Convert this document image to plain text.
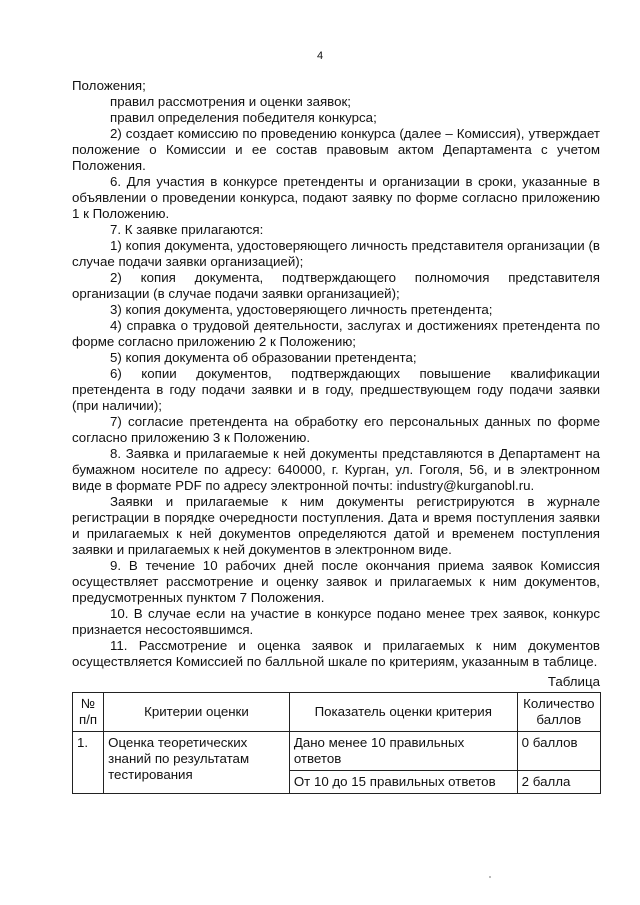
4

Положения;

правил рассмотрения и оценки заявок;

правил определения победителя конкурса;

2) создает комиссию по проведению конкурса (далее – Комиссия), утверждает положение о Комиссии и ее состав правовым актом Департамента с учетом Положения.

6. Для участия в конкурсе претенденты и организации в сроки, указанные в объявлении о проведении конкурса, подают заявку по форме согласно приложению 1 к Положению.

7. К заявке прилагаются:

1) копия документа, удостоверяющего личность представителя организации (в случае подачи заявки организацией);

2) копия документа, подтверждающего полномочия представителя организации (в случае подачи заявки организацией);

3) копия документа, удостоверяющего личность претендента;

4) справка о трудовой деятельности, заслугах и достижениях претендента по форме согласно приложению 2 к Положению;

5) копия документа об образовании претендента;

6) копии документов, подтверждающих повышение квалификации претендента в году подачи заявки и в году, предшествующем году подачи заявки (при наличии);

7) согласие претендента на обработку его персональных данных по форме согласно приложению 3 к Положению.

8. Заявка и прилагаемые к ней документы представляются в Департамент на бумажном носителе по адресу: 640000, г. Курган, ул. Гоголя, 56, и в электронном виде в формате PDF по адресу электронной почты: industry@kurganobl.ru.

Заявки и прилагаемые к ним документы регистрируются в журнале регистрации в порядке очередности поступления. Дата и время поступления заявки и прилагаемых к ней документов определяются датой и временем поступления заявки и прилагаемых к ней документов в электронном виде.

9. В течение 10 рабочих дней после окончания приема заявок Комиссия осуществляет рассмотрение и оценку заявок и прилагаемых к ним документов, предусмотренных пунктом 7 Положения.

10. В случае если на участие в конкурсе подано менее трех заявок, конкурс признается несостоявшимся.

11. Рассмотрение и оценка заявок и прилагаемых к ним документов осуществляется Комиссией по балльной шкале по критериям, указанным в таблице.

Таблица
№ п/п	Критерии оценки	Показатель оценки критерия	Количество баллов
1.	Оценка теоретических знаний по результатам тестирования	Дано менее 10 правильных ответов	0 баллов
		От 10 до 15 правильных ответов	2 балла
